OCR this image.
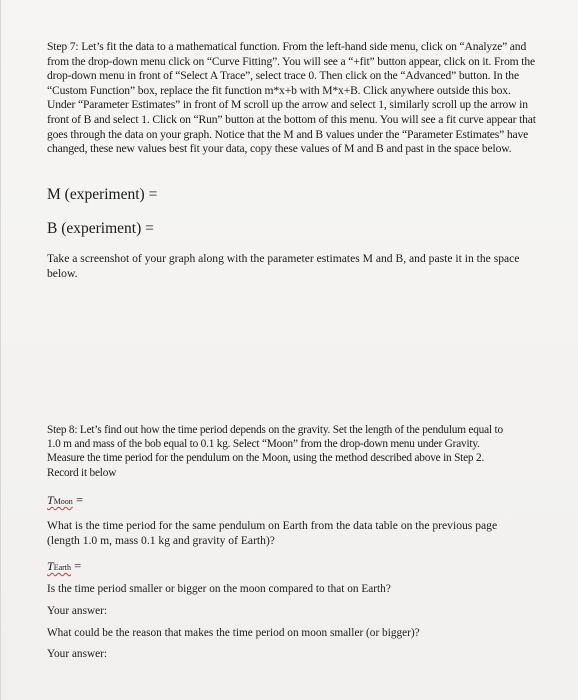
Step 7: Let’s fit the data to a mathematical function. From the left-hand side menu, click on “Analyze” and from the drop-down menu click on “Curve Fitting”. You will see a “+fit” button appear, click on it. From the drop-down menu in front of “Select A Trace”, select trace 0. Then click on the “Advanced” button. In the “Custom Function” box, replace the fit function m*x+b with M*x+B. Click anywhere outside this box. Under “Parameter Estimates” in front of M scroll up the arrow and select 1, similarly scroll up the arrow in front of B and select 1. Click on “Run” button at the bottom of this menu. You will see a fit curve appear that goes through the data on your graph. Notice that the M and B values under the “Parameter Estimates” have changed, these new values best fit your data, copy these values of M and B and past in the space below.
M (experiment) =
B (experiment) =
Take a screenshot of your graph along with the parameter estimates M and B, and paste it in the space below.
Step 8: Let’s find out how the time period depends on the gravity. Set the length of the pendulum equal to 1.0 m and mass of the bob equal to 0.1 kg. Select “Moon” from the drop-down menu under Gravity. Measure the time period for the pendulum on the Moon, using the method described above in Step 2. Record it below
TMoon =
What is the time period for the same pendulum on Earth from the data table on the previous page (length 1.0 m, mass 0.1 kg and gravity of Earth)?
TEarth =
Is the time period smaller or bigger on the moon compared to that on Earth?
Your answer:
What could be the reason that makes the time period on moon smaller (or bigger)?
Your answer:
